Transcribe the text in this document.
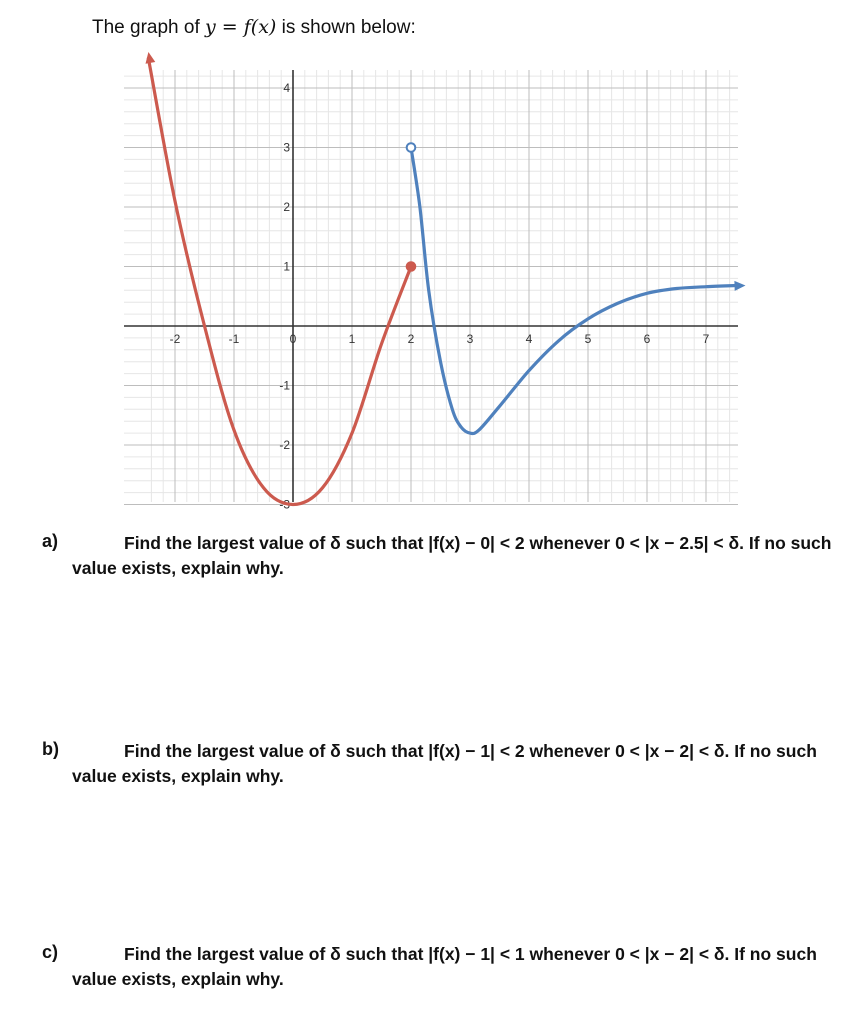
The graph of y = f(x) is shown below:
-2	-1	0	1	2	3	4	5	6	7
-3
-2
-1
1
2
3
4
a)	Find the largest value of δ such that |f(x) − 0| < 2 whenever 0 < |x − 2.5| < δ. If no such value exists, explain why.
b)	Find the largest value of δ such that |f(x) − 1| < 2 whenever 0 < |x − 2| < δ. If no such value exists, explain why.
c)	Find the largest value of δ such that |f(x) − 1| < 1 whenever 0 < |x − 2| < δ. If no such value exists, explain why.
